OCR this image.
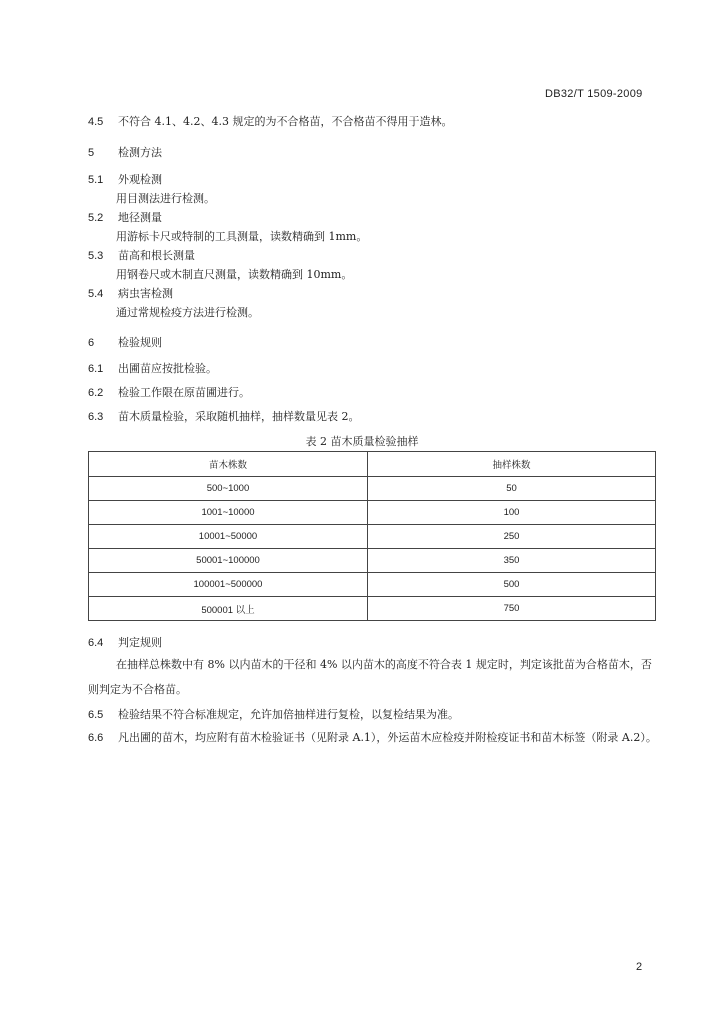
DB32/T 1509-2009
4.5 不符合 4.1、4.2、4.3 规定的为不合格苗，不合格苗不得用于造林。
5 检测方法
5.1 外观检测
用目测法进行检测。
5.2 地径测量
用游标卡尺或特制的工具测量，读数精确到 1mm。
5.3 苗高和根长测量
用钢卷尺或木制直尺测量，读数精确到 10mm。
5.4 病虫害检测
通过常规检疫方法进行检测。
6 检验规则
6.1 出圃苗应按批检验。
6.2 检验工作限在原苗圃进行。
6.3 苗木质量检验，采取随机抽样，抽样数量见表 2。
表 2 苗木质量检验抽样
苗木株数	抽样株数
500~1000	50
1001~10000	100
10001~50000	250
50001~100000	350
100001~500000	500
500001 以上	750
6.4 判定规则
在抽样总株数中有 8% 以内苗木的干径和 4% 以内苗木的高度不符合表 1 规定时，判定该批苗为合格苗木，否则判定为不合格苗。
6.5 检验结果不符合标准规定，允许加倍抽样进行复检，以复检结果为准。
6.6 凡出圃的苗木，均应附有苗木检验证书（见附录 A.1），外运苗木应检疫并附检疫证书和苗木标签（附录 A.2）。
2
